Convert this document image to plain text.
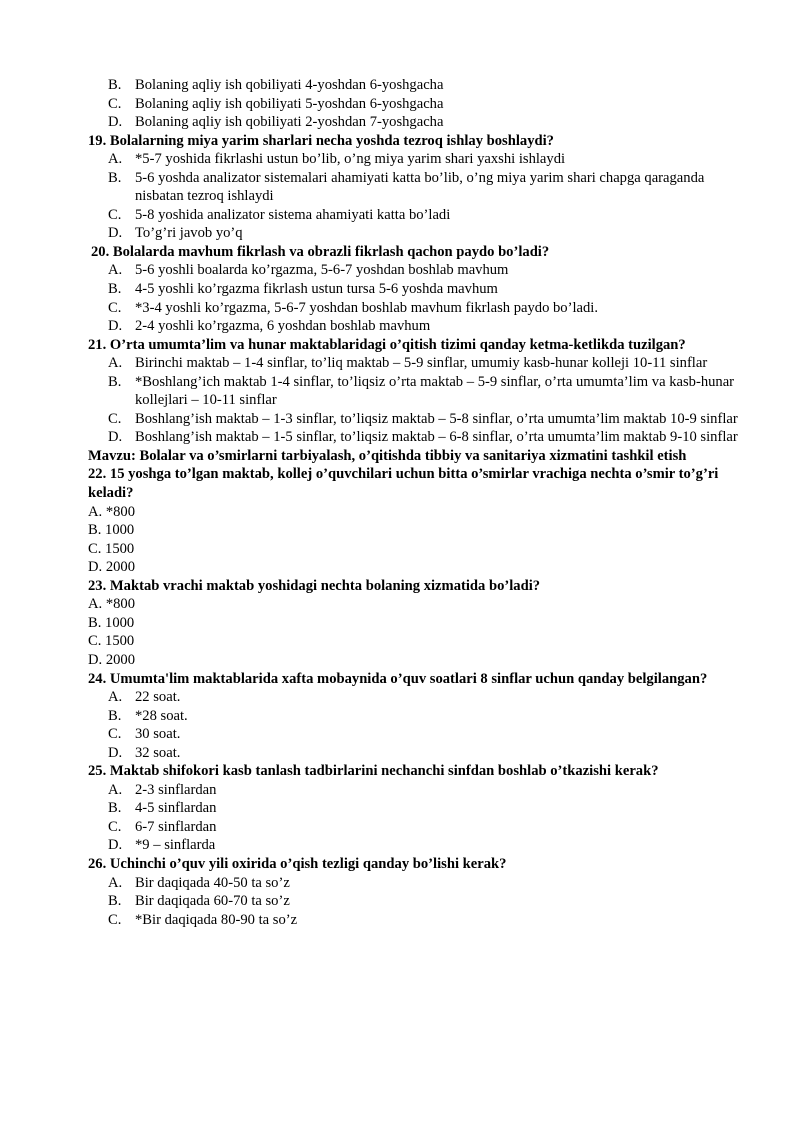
B. Bolaning aqliy ish qobiliyati 4-yoshdan 6-yoshgacha
C. Bolaning aqliy ish qobiliyati 5-yoshdan 6-yoshgacha
D. Bolaning aqliy ish qobiliyati 2-yoshdan 7-yoshgacha
19. Bolalarning miya yarim sharlari necha yoshda tezroq ishlay boshlaydi?
A. *5-7 yoshida fikrlashi ustun bo’lib, o’ng miya yarim shari yaxshi ishlaydi
B. 5-6 yoshda analizator sistemalari ahamiyati katta bo’lib, o’ng miya yarim shari chapga qaraganda nisbatan tezroq ishlaydi
C. 5-8 yoshida analizator sistema ahamiyati katta bo’ladi
D. To’g’ri javob yo’q
20. Bolalarda mavhum fikrlash va obrazli fikrlash qachon paydo bo’ladi?
A. 5-6 yoshli boalarda ko’rgazma, 5-6-7 yoshdan boshlab mavhum
B. 4-5 yoshli ko’rgazma fikrlash ustun tursa 5-6 yoshda mavhum
C. *3-4 yoshli ko’rgazma, 5-6-7 yoshdan boshlab mavhum fikrlash paydo bo’ladi.
D. 2-4 yoshli ko’rgazma, 6 yoshdan boshlab mavhum
21. O’rta umumta’lim va hunar maktablaridagi o’qitish tizimi qanday ketma-ketlikda tuzilgan?
A. Birinchi maktab – 1-4 sinflar, to’liq maktab – 5-9 sinflar, umumiy kasb-hunar kolleji 10-11 sinflar
B. *Boshlang’ich maktab 1-4 sinflar, to’liqsiz o’rta maktab – 5-9 sinflar, o’rta umumta’lim va kasb-hunar kollejlari – 10-11 sinflar
C. Boshlang’ish maktab – 1-3 sinflar, to’liqsiz maktab – 5-8 sinflar, o’rta umumta’lim maktab 10-9 sinflar
D. Boshlang’ish maktab – 1-5 sinflar, to’liqsiz maktab – 6-8 sinflar, o’rta umumta’lim maktab 9-10 sinflar
Mavzu: Bolalar va o’smirlarni tarbiyalash, o’qitishda tibbiy va sanitariya xizmatini tashkil etish
22. 15 yoshga to’lgan maktab, kollej o’quvchilari uchun bitta o’smirlar vrachiga nechta o’smir to’g’ri keladi?
A. *800
B. 1000
C. 1500
D. 2000
23. Maktab vrachi maktab yoshidagi nechta bolaning xizmatida bo’ladi?
A. *800
B. 1000
C. 1500
D. 2000
24. Umumta'lim maktablarida xafta mobaynida o’quv soatlari 8 sinflar uchun qanday belgilangan?
A. 22 soat.
B. *28 soat.
C. 30 soat.
D. 32 soat.
25. Maktab shifokori kasb tanlash tadbirlarini nechanchi sinfdan boshlab o’tkazishi kerak?
A. 2-3 sinflardan
B. 4-5 sinflardan
C. 6-7 sinflardan
D. *9 – sinflarda
26. Uchinchi o’quv yili oxirida o’qish tezligi qanday bo’lishi kerak?
A. Bir daqiqada 40-50 ta so’z
B. Bir daqiqada 60-70 ta so’z
C. *Bir daqiqada 80-90 ta so’z
